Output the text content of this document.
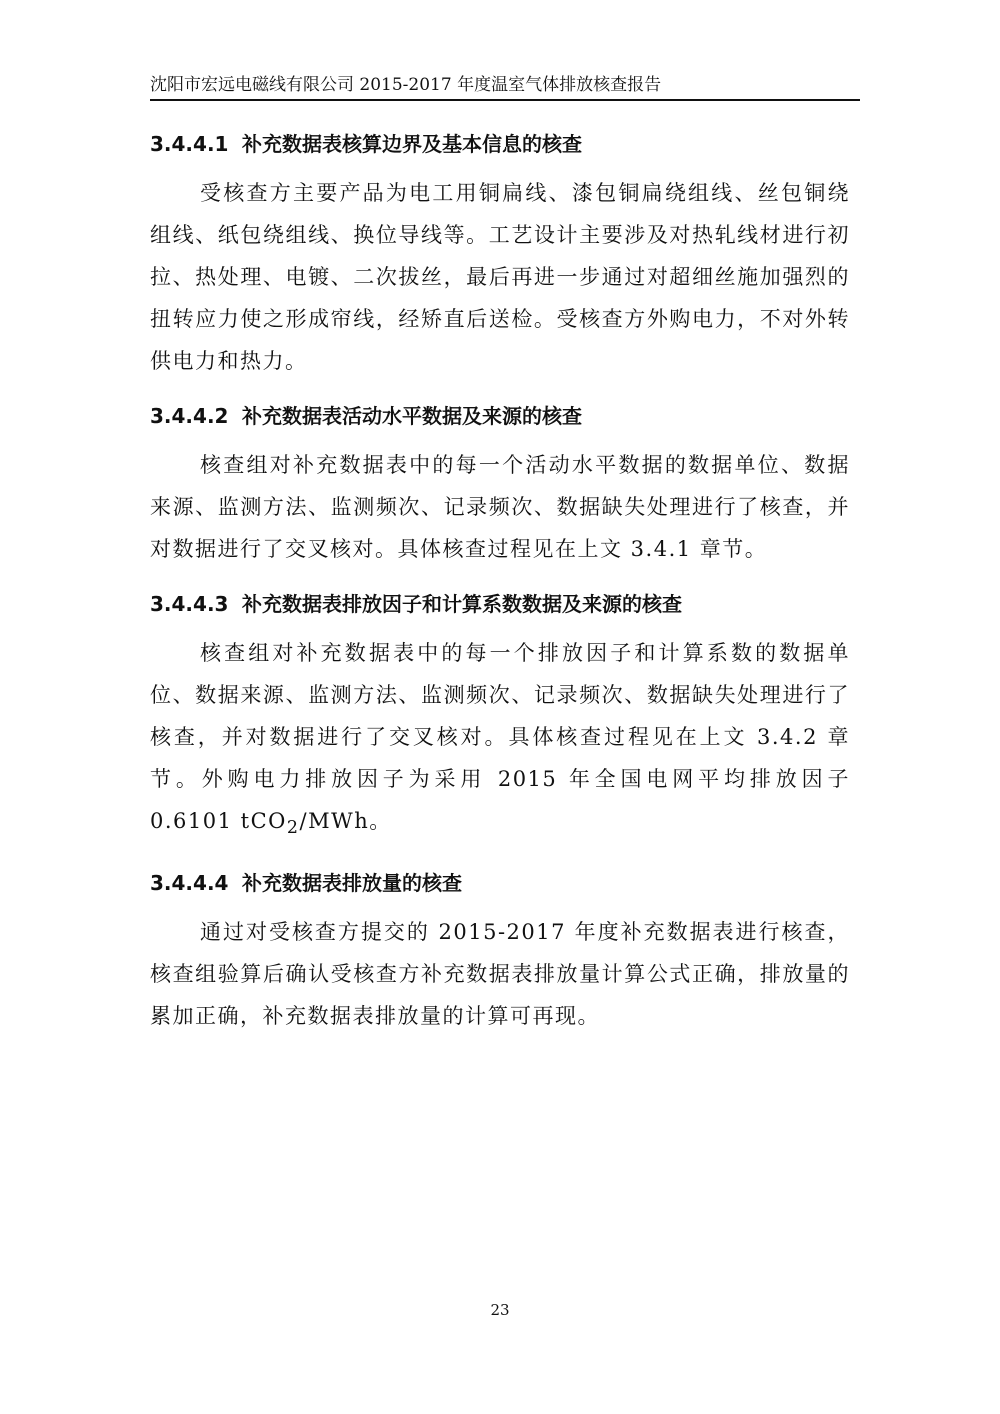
沈阳市宏远电磁线有限公司 2015-2017 年度温室气体排放核查报告
3.4.4.1 补充数据表核算边界及基本信息的核查

受核查方主要产品为电工用铜扁线、漆包铜扁绕组线、丝包铜绕组线、纸包绕组线、换位导线等。工艺设计主要涉及对热轧线材进行初拉、热处理、电镀、二次拔丝，最后再进一步通过对超细丝施加强烈的扭转应力使之形成帘线，经矫直后送检。受核查方外购电力，不对外转供电力和热力。

3.4.4.2 补充数据表活动水平数据及来源的核查

核查组对补充数据表中的每一个活动水平数据的数据单位、数据来源、监测方法、监测频次、记录频次、数据缺失处理进行了核查，并对数据进行了交叉核对。具体核查过程见在上文 3.4.1 章节。

3.4.4.3 补充数据表排放因子和计算系数数据及来源的核查

核查组对补充数据表中的每一个排放因子和计算系数的数据单位、数据来源、监测方法、监测频次、记录频次、数据缺失处理进行了核查，并对数据进行了交叉核对。具体核查过程见在上文 3.4.2 章节。外购电力排放因子为采用 2015 年全国电网平均排放因子 0.6101 tCO$_2$/MWh。

3.4.4.4 补充数据表排放量的核查

通过对受核查方提交的 2015-2017 年度补充数据表进行核查，核查组验算后确认受核查方补充数据表排放量计算公式正确，排放量的累加正确，补充数据表排放量的计算可再现。

23
